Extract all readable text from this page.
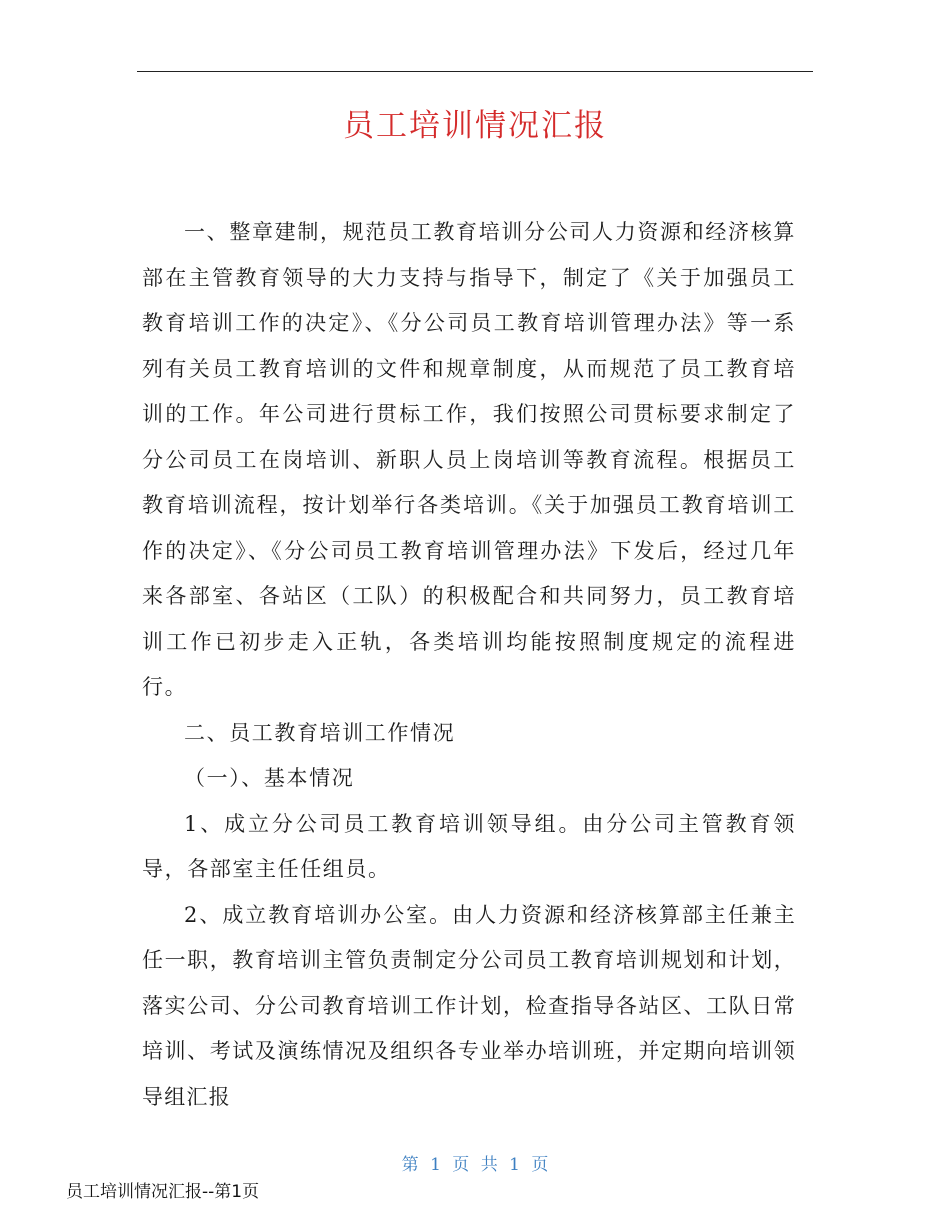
员工培训情况汇报

一、整章建制，规范员工教育培训分公司人力资源和经济核算部在主管教育领导的大力支持与指导下，制定了《关于加强员工教育培训工作的决定》、《分公司员工教育培训管理办法》等一系列有关员工教育培训的文件和规章制度，从而规范了员工教育培训的工作。年公司进行贯标工作，我们按照公司贯标要求制定了分公司员工在岗培训、新职人员上岗培训等教育流程。根据员工教育培训流程，按计划举行各类培训。《关于加强员工教育培训工作的决定》、《分公司员工教育培训管理办法》下发后，经过几年来各部室、各站区（工队）的积极配合和共同努力，员工教育培训工作已初步走入正轨，各类培训均能按照制度规定的流程进行。

二、员工教育培训工作情况

（一）、基本情况

1、成立分公司员工教育培训领导组。由分公司主管教育领导，各部室主任任组员。

2、成立教育培训办公室。由人力资源和经济核算部主任兼主任一职，教育培训主管负责制定分公司员工教育培训规划和计划，落实公司、分公司教育培训工作计划，检查指导各站区、工队日常培训、考试及演练情况及组织各专业举办培训班，并定期向培训领导组汇报

第 1 页 共 1 页
员工培训情况汇报--第1页
